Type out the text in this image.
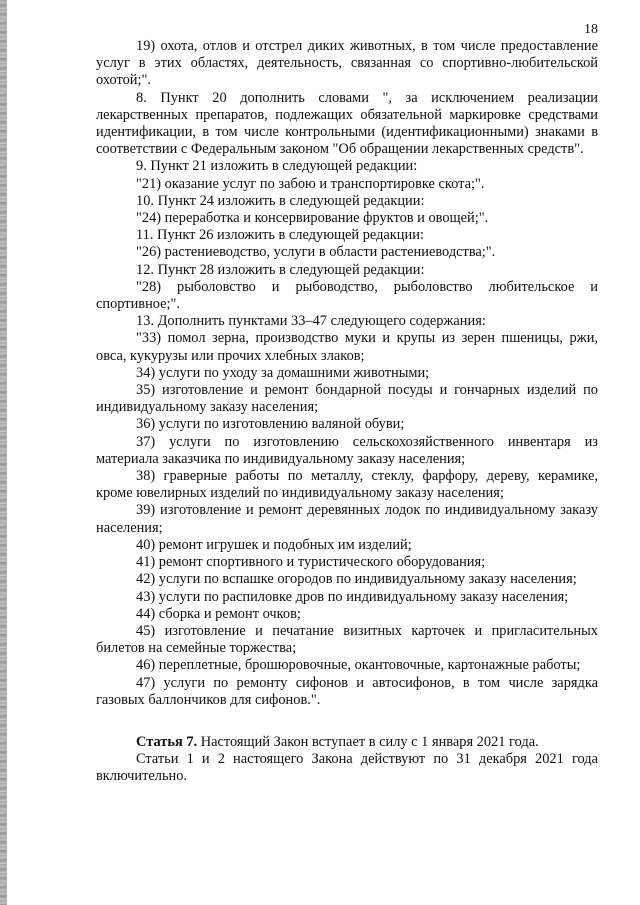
18

19) охота, отлов и отстрел диких животных, в том числе предоставление услуг в этих областях, деятельность, связанная со спортивно-любительской охотой;".

8. Пункт 20 дополнить словами ", за исключением реализации лекарственных препаратов, подлежащих обязательной маркировке средствами идентификации, в том числе контрольными (идентификационными) знаками в соответствии с Федеральным законом "Об обращении лекарственных средств".

9. Пункт 21 изложить в следующей редакции:

"21) оказание услуг по забою и транспортировке скота;".

10. Пункт 24 изложить в следующей редакции:

"24) переработка и консервирование фруктов и овощей;".

11. Пункт 26 изложить в следующей редакции:

"26) растениеводство, услуги в области растениеводства;".

12. Пункт 28 изложить в следующей редакции:

"28) рыболовство и рыбоводство, рыболовство любительское и спортивное;".

13. Дополнить пунктами 33–47 следующего содержания:

"33) помол зерна, производство муки и крупы из зерен пшеницы, ржи, овса, кукурузы или прочих хлебных злаков;

34) услуги по уходу за домашними животными;

35) изготовление и ремонт бондарной посуды и гончарных изделий по индивидуальному заказу населения;

36) услуги по изготовлению валяной обуви;

37) услуги по изготовлению сельскохозяйственного инвентаря из материала заказчика по индивидуальному заказу населения;

38) граверные работы по металлу, стеклу, фарфору, дереву, керамике, кроме ювелирных изделий по индивидуальному заказу населения;

39) изготовление и ремонт деревянных лодок по индивидуальному заказу населения;

40) ремонт игрушек и подобных им изделий;

41) ремонт спортивного и туристического оборудования;

42) услуги по вспашке огородов по индивидуальному заказу населения;

43) услуги по распиловке дров по индивидуальному заказу населения;

44) сборка и ремонт очков;

45) изготовление и печатание визитных карточек и пригласительных билетов на семейные торжества;

46) переплетные, брошюровочные, окантовочные, картонажные работы;

47) услуги по ремонту сифонов и автосифонов, в том числе зарядка газовых баллончиков для сифонов.".

Статья 7. Настоящий Закон вступает в силу с 1 января 2021 года.

Статьи 1 и 2 настоящего Закона действуют по 31 декабря 2021 года включительно.
